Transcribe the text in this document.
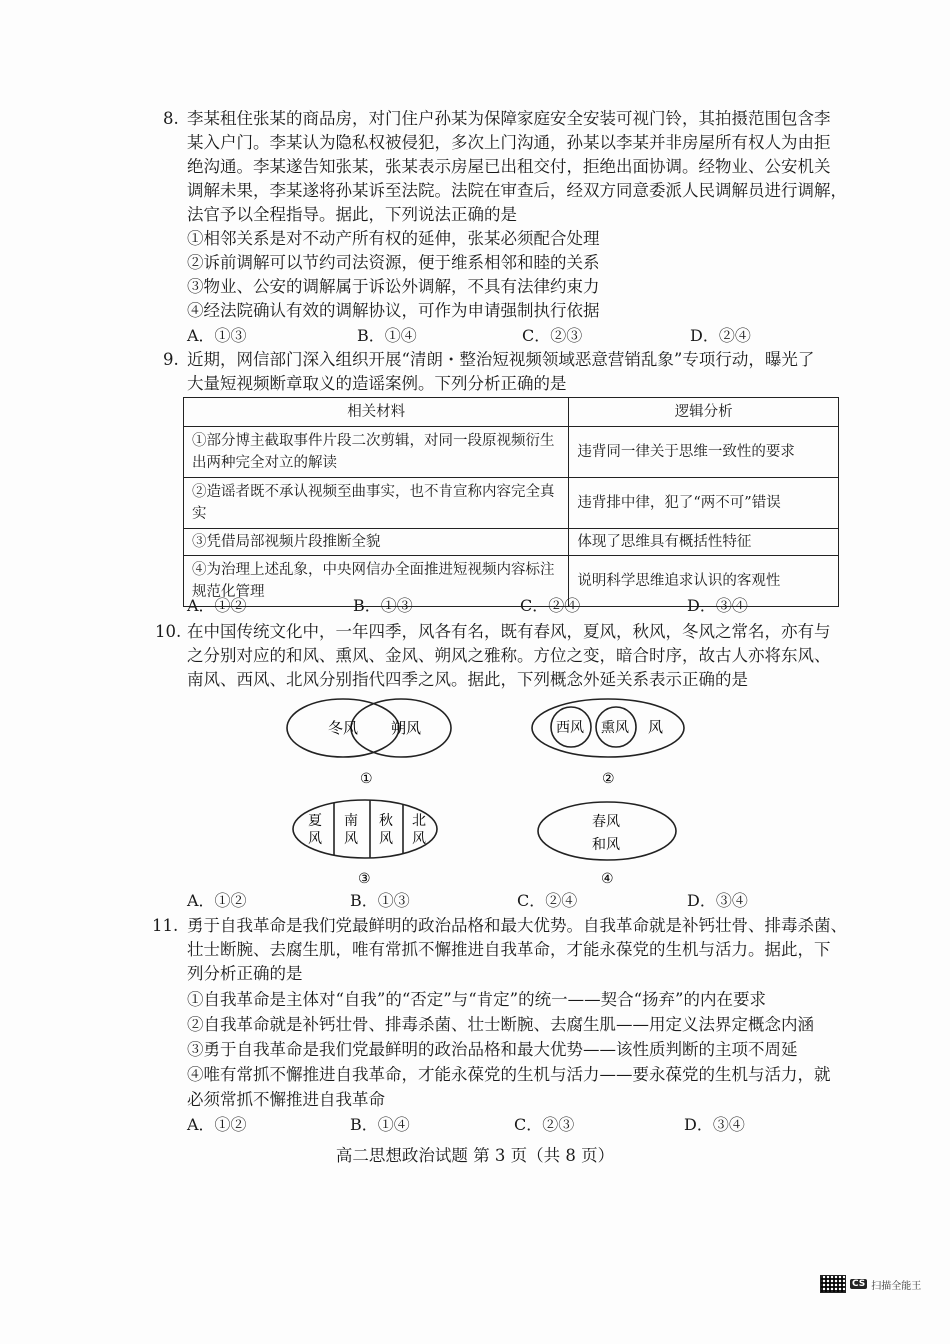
8. 李某租住张某的商品房，对门住户孙某为保障家庭安全安装可视门铃，其拍摄范围包含李
某入户门。李某认为隐私权被侵犯，多次上门沟通，孙某以李某并非房屋所有权人为由拒
绝沟通。李某遂告知张某，张某表示房屋已出租交付，拒绝出面协调。经物业、公安机关
调解未果，李某遂将孙某诉至法院。法院在审查后，经双方同意委派人民调解员进行调解，
法官予以全程指导。据此，下列说法正确的是
①相邻关系是对不动产所有权的延伸，张某必须配合处理
②诉前调解可以节约司法资源，便于维系相邻和睦的关系
③物业、公安的调解属于诉讼外调解，不具有法律约束力
④经法院确认有效的调解协议，可作为申请强制执行依据
A．①③	B．①④	C．②③	D．②④
9. 近期，网信部门深入组织开展“清朗・整治短视频领域恶意营销乱象”专项行动，曝光了
大量短视频断章取义的造谣案例。下列分析正确的是
相关材料	逻辑分析
①部分博主截取事件片段二次剪辑，对同一段原视频衍生出两种完全对立的解读	违背同一律关于思维一致性的要求
②造谣者既不承认视频至曲事实，也不肯宣称内容完全真实	违背排中律，犯了“两不可”错误
③凭借局部视频片段推断全貌	体现了思维具有概括性特征
④为治理上述乱象，中央网信办全面推进短视频内容标注规范化管理	说明科学思维追求认识的客观性
A．①②	B．①③	C．②④	D．③④
10. 在中国传统文化中，一年四季，风各有名，既有春风，夏风，秋风，冬风之常名，亦有与
之分别对应的和风、熏风、金风、朔风之雅称。方位之变，暗合时序，故古人亦将东风、
南风、西风、北风分别指代四季之风。据此，下列概念外延关系表示正确的是
冬风 朔风
①
西风 熏风 风
②
夏
风
南
风
秋
风
北
风
③
春风
和风
④
A．①②	B．①③	C．②④	D．③④
11. 勇于自我革命是我们党最鲜明的政治品格和最大优势。自我革命就是补钙壮骨、排毒杀菌、
壮士断腕、去腐生肌，唯有常抓不懈推进自我革命，才能永葆党的生机与活力。据此，下
列分析正确的是
①自我革命是主体对“自我”的“否定”与“肯定”的统一——契合“扬弃”的内在要求
②自我革命就是补钙壮骨、排毒杀菌、壮士断腕、去腐生肌——用定义法界定概念内涵
③勇于自我革命是我们党最鲜明的政治品格和最大优势——该性质判断的主项不周延
④唯有常抓不懈推进自我革命，才能永葆党的生机与活力——要永葆党的生机与活力，就
必须常抓不懈推进自我革命
A．①②	B．①④	C．②③	D．③④
高二思想政治试题 第 3 页（共 8 页）
CS 扫描全能王
